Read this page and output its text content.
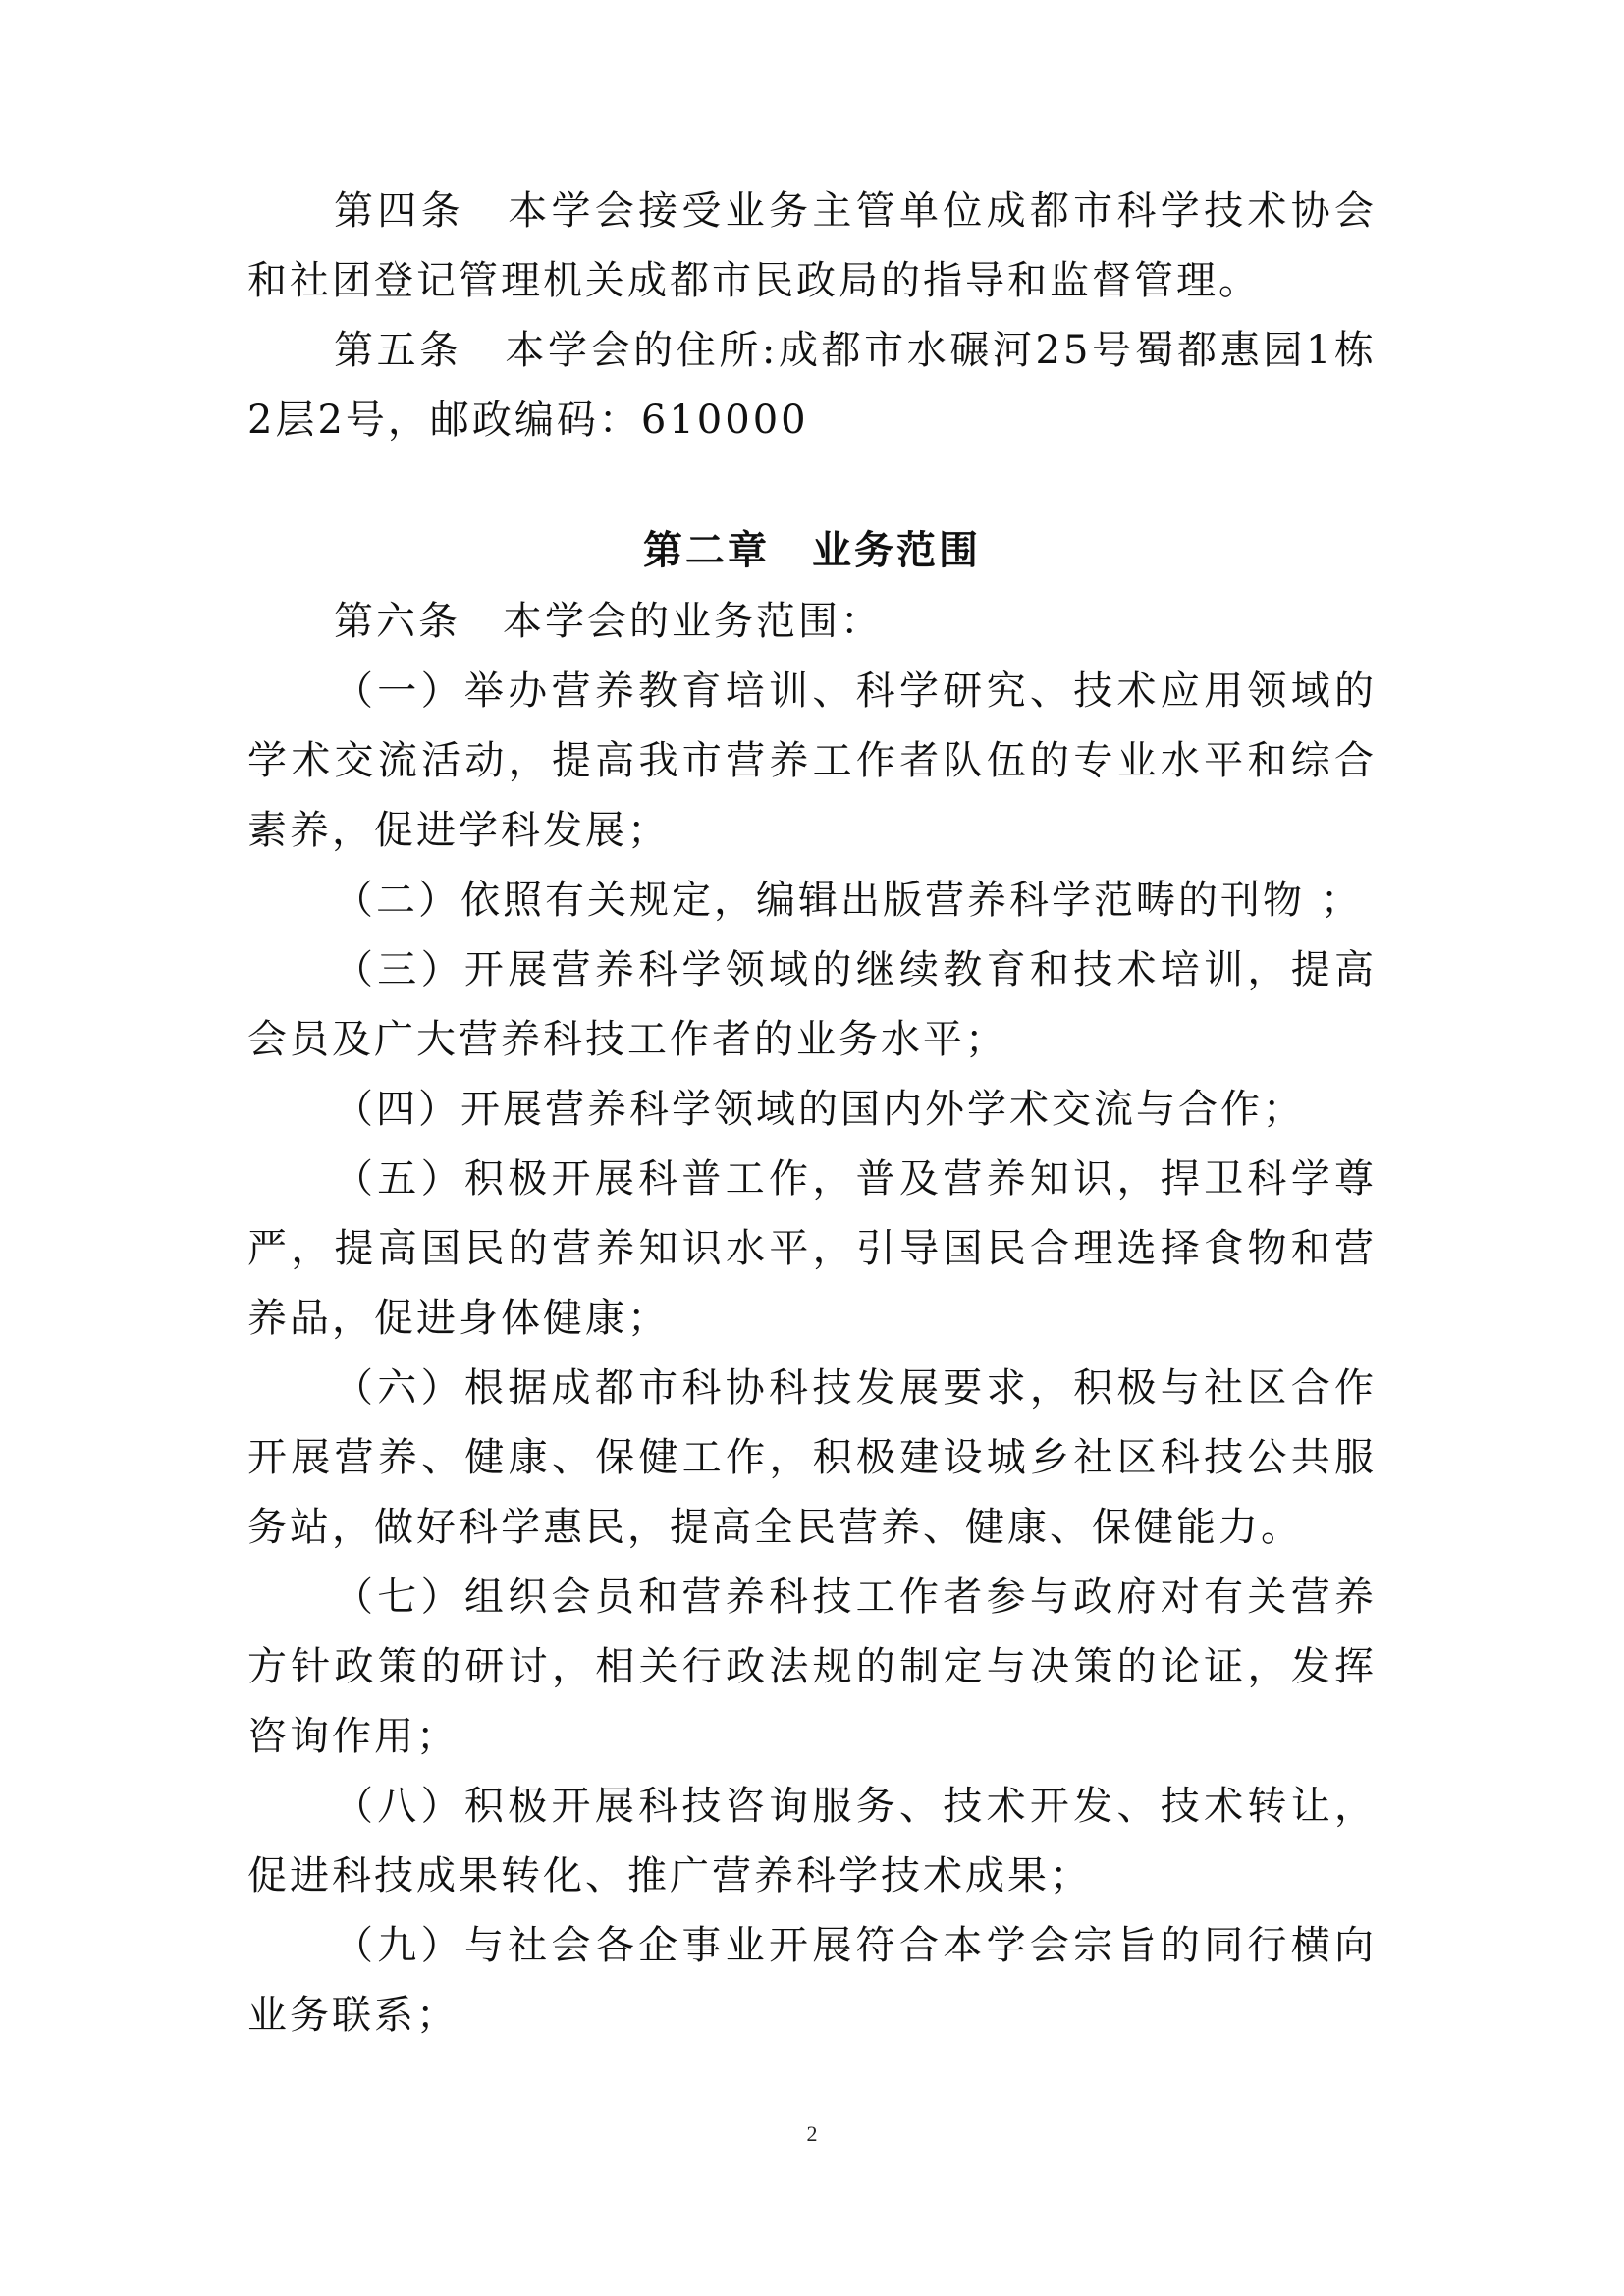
第四条　本学会接受业务主管单位成都市科学技术协会和社团登记管理机关成都市民政局的指导和监督管理。

第五条　本学会的住所:成都市水碾河25号蜀都惠园1栋2层2号，邮政编码：610000

第二章　业务范围

第六条　本学会的业务范围：

（一）举办营养教育培训、科学研究、技术应用领域的学术交流活动，提高我市营养工作者队伍的专业水平和综合素养，促进学科发展；

（二）依照有关规定，编辑出版营养科学范畴的刊物 ；

（三）开展营养科学领域的继续教育和技术培训，提高会员及广大营养科技工作者的业务水平；

（四）开展营养科学领域的国内外学术交流与合作；

（五）积极开展科普工作，普及营养知识，捍卫科学尊严，提高国民的营养知识水平，引导国民合理选择食物和营养品，促进身体健康；

（六）根据成都市科协科技发展要求，积极与社区合作开展营养、健康、保健工作，积极建设城乡社区科技公共服务站，做好科学惠民，提高全民营养、健康、保健能力。

（七）组织会员和营养科技工作者参与政府对有关营养方针政策的研讨，相关行政法规的制定与决策的论证，发挥咨询作用；

（八）积极开展科技咨询服务、技术开发、技术转让，促进科技成果转化、推广营养科学技术成果；

（九）与社会各企事业开展符合本学会宗旨的同行横向业务联系；

2
